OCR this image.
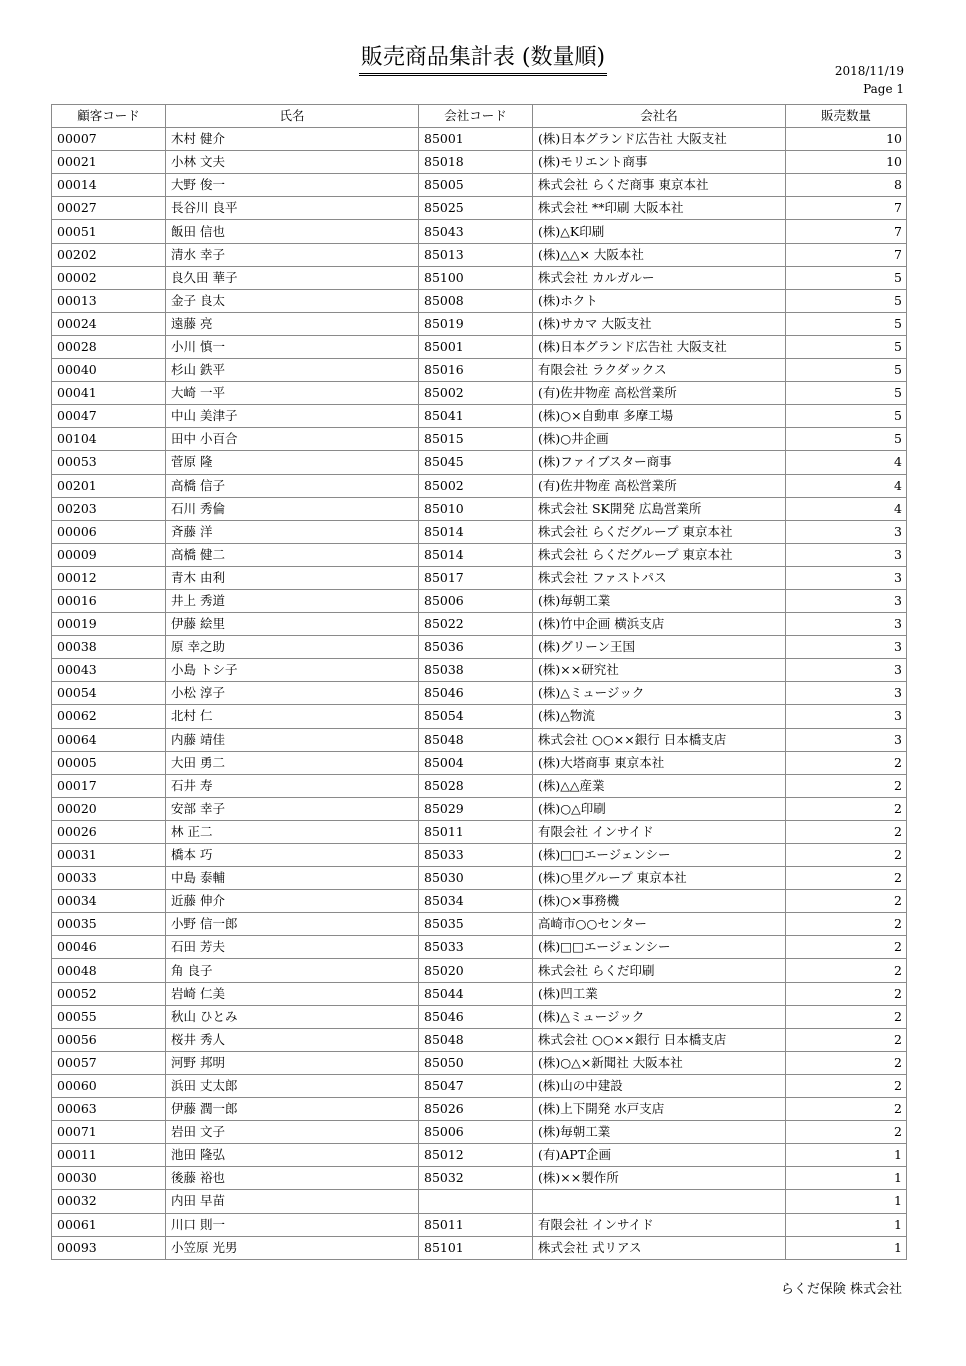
販売商品集計表 (数量順)
2018/11/19
Page 1
顧客コード	氏名	会社コード	会社名	販売数量
00007	木村 健介	85001	(株)日本グランド広告社 大阪支社	10
00021	小林 文夫	85018	(株)モリエント商事	10
00014	大野 俊一	85005	株式会社 らくだ商事 東京本社	8
00027	長谷川 良平	85025	株式会社 **印刷 大阪本社	7
00051	飯田 信也	85043	(株)△K印刷	7
00202	清水 幸子	85013	(株)△△× 大阪本社	7
00002	良久田 華子	85100	株式会社 カルガルー	5
00013	金子 良太	85008	(株)ホクト	5
00024	遠藤 亮	85019	(株)サカマ 大阪支社	5
00028	小川 慎一	85001	(株)日本グランド広告社 大阪支社	5
00040	杉山 鉄平	85016	有限会社 ラクダックス	5
00041	大崎 一平	85002	(有)佐井物産 高松営業所	5
00047	中山 美津子	85041	(株)○×自動車 多摩工場	5
00104	田中 小百合	85015	(株)○井企画	5
00053	菅原 隆	85045	(株)ファイブスター商事	4
00201	高橋 信子	85002	(有)佐井物産 高松営業所	4
00203	石川 秀倫	85010	株式会社 SK開発 広島営業所	4
00006	斉藤 洋	85014	株式会社 らくだグループ 東京本社	3
00009	高橋 健二	85014	株式会社 らくだグループ 東京本社	3
00012	青木 由利	85017	株式会社 ファストパス	3
00016	井上 秀道	85006	(株)毎朝工業	3
00019	伊藤 絵里	85022	(株)竹中企画 横浜支店	3
00038	原 幸之助	85036	(株)グリーン王国	3
00043	小島 トシ子	85038	(株)××研究社	3
00054	小松 淳子	85046	(株)△ミュージック	3
00062	北村 仁	85054	(株)△物流	3
00064	内藤 靖佳	85048	株式会社 ○○××銀行 日本橋支店	3
00005	大田 勇二	85004	(株)大塔商事 東京本社	2
00017	石井 寿	85028	(株)△△産業	2
00020	安部 幸子	85029	(株)○△印刷	2
00026	林 正二	85011	有限会社 インサイド	2
00031	橋本 巧	85033	(株)□□エージェンシー	2
00033	中島 泰輔	85030	(株)○里グループ 東京本社	2
00034	近藤 伸介	85034	(株)○×事務機	2
00035	小野 信一郎	85035	高崎市○○センター	2
00046	石田 芳夫	85033	(株)□□エージェンシー	2
00048	角 良子	85020	株式会社 らくだ印刷	2
00052	岩崎 仁美	85044	(株)凹工業	2
00055	秋山 ひとみ	85046	(株)△ミュージック	2
00056	桜井 秀人	85048	株式会社 ○○××銀行 日本橋支店	2
00057	河野 邦明	85050	(株)○△×新聞社 大阪本社	2
00060	浜田 丈太郎	85047	(株)山の中建設	2
00063	伊藤 潤一郎	85026	(株)上下開発 水戸支店	2
00071	岩田 文子	85006	(株)毎朝工業	2
00011	池田 隆弘	85012	(有)APT企画	1
00030	後藤 裕也	85032	(株)××製作所	1
00032	内田 早苗			1
00061	川口 則一	85011	有限会社 インサイド	1
00093	小笠原 光男	85101	株式会社 式リアス	1
らくだ保険 株式会社
